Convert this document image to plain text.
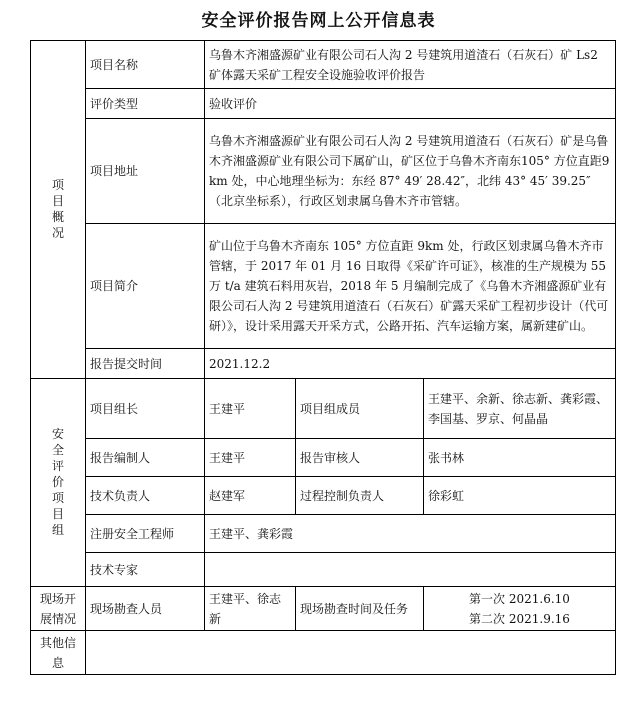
安全评价报告网上公开信息表
项目概况	项目名称	乌鲁木齐湘盛源矿业有限公司石人沟 2 号建筑用道渣石（石灰石）矿 Ls2 矿体露天采矿工程安全设施验收评价报告		
	评价类型	验收评价		
	项目地址	乌鲁木齐湘盛源矿业有限公司石人沟 2 号建筑用道渣石（石灰石）矿是乌鲁木齐湘盛源矿业有限公司下属矿山，矿区位于乌鲁木齐南东105° 方位直距9km 处，中心地理坐标为：东经 87° 49′ 28.42″，北纬 43° 45′ 39.25″（北京坐标系），行政区划隶属乌鲁木齐市管辖。		
	项目简介	矿山位于乌鲁木齐南东 105° 方位直距 9km 处，行政区划隶属乌鲁木齐市管辖，于 2017 年 01 月 16 日取得《采矿许可证》，核准的生产规模为 55 万 t/a 建筑石料用灰岩，2018 年 5 月编制完成了《乌鲁木齐湘盛源矿业有限公司石人沟 2 号建筑用道渣石（石灰石）矿露天采矿工程初步设计（代可研）》，设计采用露天开采方式，公路开拓、汽车运输方案，属新建矿山。		
	报告提交时间	2021.12.2		
安全评价项目组	项目组长	王建平	项目组成员	王建平、余新、徐志新、龚彩霞、李国基、罗京、何晶晶
	报告编制人	王建平	报告审核人	张书林
	技术负责人	赵建军	过程控制负责人	徐彩虹
	注册安全工程师	王建平、龚彩霞		
	技术专家			
现场开展情况	现场勘查人员	王建平、徐志新	现场勘查时间及任务	第一次 2021.6.10
第二次 2021.9.16

其他信息				
